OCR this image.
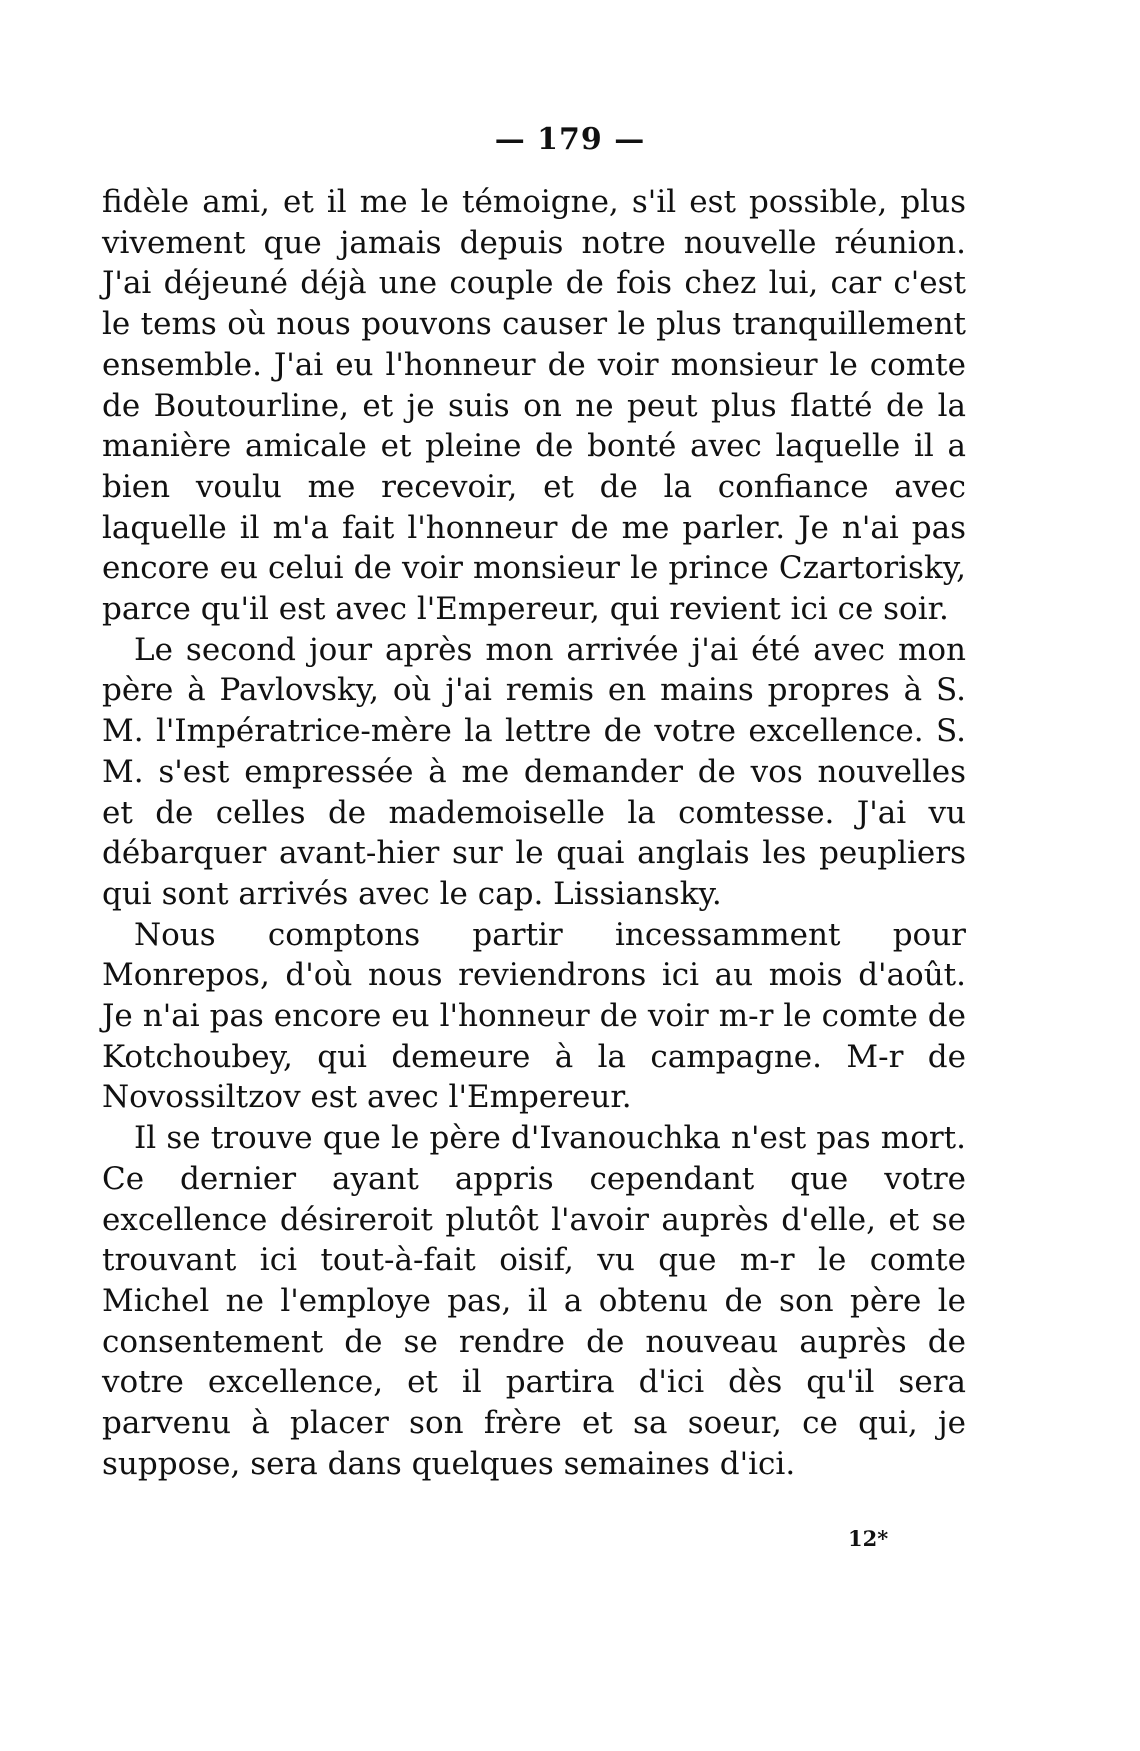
— 179 —

fidèle ami, et il me le témoigne, s'il est possible, plus vivement que jamais depuis notre nouvelle réunion. J'ai déjeuné déjà une couple de fois chez lui, car c'est le tems où nous pouvons causer le plus tranquillement ensemble. J'ai eu l'honneur de voir monsieur le comte de Boutourline, et je suis on ne peut plus flatté de la manière amicale et pleine de bonté avec laquelle il a bien voulu me recevoir, et de la confiance avec laquelle il m'a fait l'honneur de me parler. Je n'ai pas encore eu celui de voir monsieur le prince Czartorisky, parce qu'il est avec l'Empereur, qui revient ici ce soir.

Le second jour après mon arrivée j'ai été avec mon père à Pavlovsky, où j'ai remis en mains propres à S. M. l'Impératrice-mère la lettre de votre excellence. S. M. s'est empressée à me demander de vos nouvelles et de celles de mademoiselle la comtesse. J'ai vu débarquer avant-hier sur le quai anglais les peupliers qui sont arrivés avec le cap. Lissiansky.

Nous comptons partir incessamment pour Monrepos, d'où nous reviendrons ici au mois d'août. Je n'ai pas encore eu l'honneur de voir m-r le comte de Kotchoubey, qui demeure à la campagne. M-r de Novossiltzov est avec l'Empereur.

Il se trouve que le père d'Ivanouchka n'est pas mort. Ce dernier ayant appris cependant que votre excellence désireroit plutôt l'avoir auprès d'elle, et se trouvant ici tout-à-fait oisif, vu que m-r le comte Michel ne l'employe pas, il a obtenu de son père le consentement de se rendre de nouveau auprès de votre excellence, et il partira d'ici dès qu'il sera parvenu à placer son frère et sa soeur, ce qui, je suppose, sera dans quelques semaines d'ici.

12*
